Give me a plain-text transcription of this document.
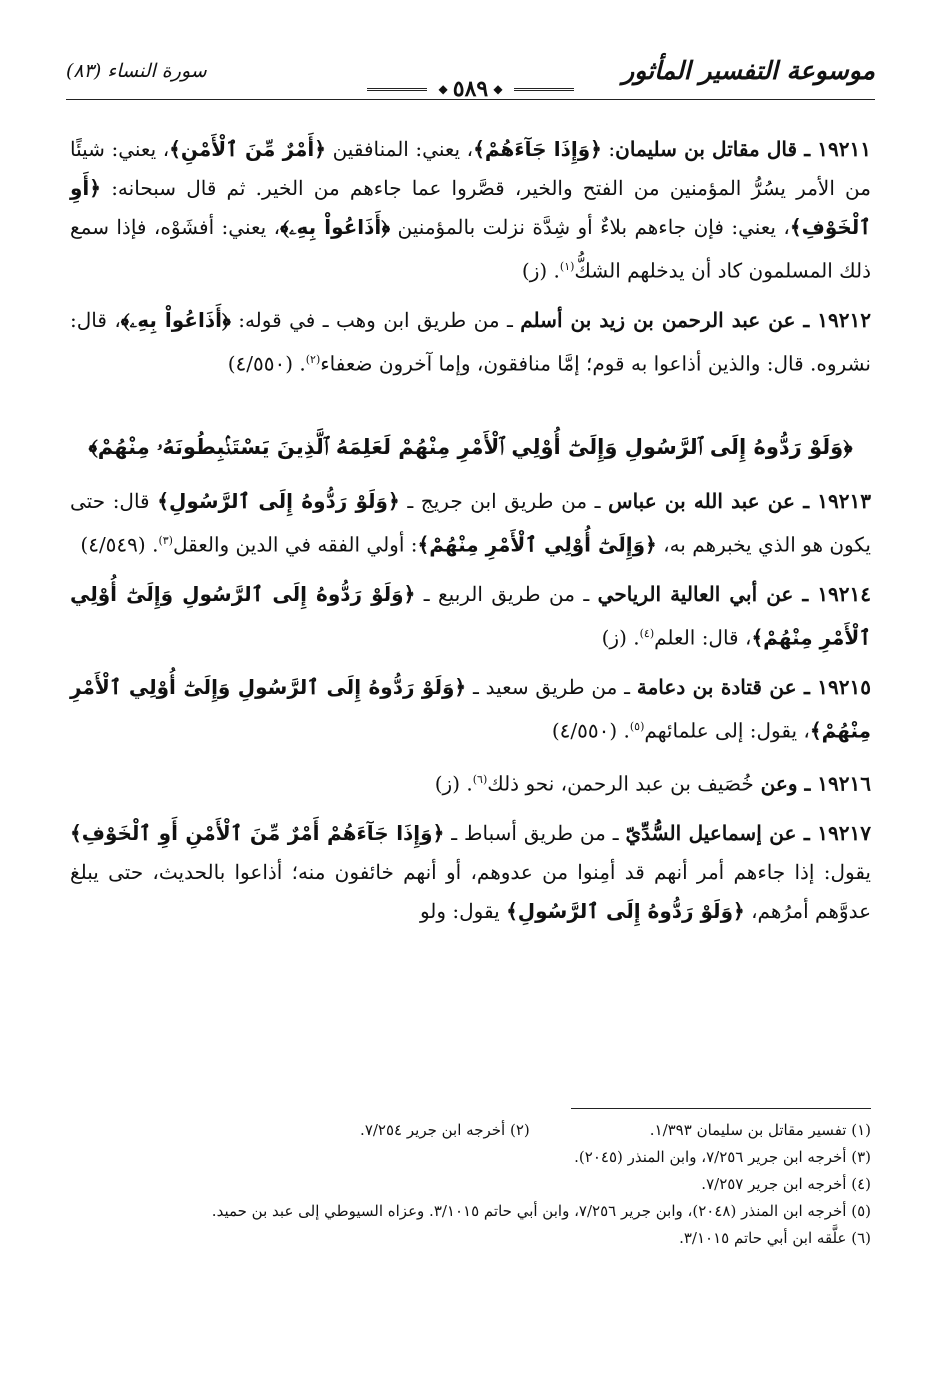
موسوعة التفسير المأثور
◆ ٥٨٩ ◆
سورة النساء (٨٣)

١٩٢١١ ـ قال مقاتل بن سليمان: ﴿وَإِذَا جَآءَهُمْ﴾، يعني: المنافقين ﴿أَمْرٌ مِّنَ ٱلْأَمْنِ﴾، يعني: شيئًا من الأمر يسُرُّ المؤمنين من الفتح والخير، قصَّروا عما جاءهم من الخير. ثم قال سبحانه: ﴿أَوِ ٱلْخَوْفِ﴾، يعني: فإن جاءهم بلاءٌ أو شِدَّة نزلت بالمؤمنين ﴿أَذَاعُواْ بِهِۦ﴾، يعني: أفشَوْه، فإذا سمع ذلك المسلمون كاد أن يدخلهم الشكُّ$^{(١)}$. (ز)

١٩٢١٢ ـ عن عبد الرحمن بن زيد بن أسلم ـ من طريق ابن وهب ـ في قوله: ﴿أَذَاعُواْ بِهِۦ﴾، قال: نشروه. قال: والذين أذاعوا به قوم؛ إمَّا منافقون، وإما آخرون ضعفاء$^{(٢)}$. (٤/٥٥٠)

﴿وَلَوْ رَدُّوهُ إِلَى ٱلرَّسُولِ وَإِلَىٰٓ أُوْلِي ٱلْأَمْرِ مِنْهُمْ لَعَلِمَهُ ٱلَّذِينَ يَسْتَنۢبِطُونَهُۥ مِنْهُمْ﴾

١٩٢١٣ ـ عن عبد الله بن عباس ـ من طريق ابن جريج ـ ﴿وَلَوْ رَدُّوهُ إِلَى ٱلرَّسُولِ﴾ قال: حتى يكون هو الذي يخبرهم به، ﴿وَإِلَىٰٓ أُوْلِي ٱلْأَمْرِ مِنْهُمْ﴾: أولي الفقه في الدين والعقل$^{(٣)}$. (٤/٥٤٩)

١٩٢١٤ ـ عن أبي العالية الرياحي ـ من طريق الربيع ـ ﴿وَلَوْ رَدُّوهُ إِلَى ٱلرَّسُولِ وَإِلَىٰٓ أُوْلِي ٱلْأَمْرِ مِنْهُمْ﴾، قال: العلم$^{(٤)}$. (ز)

١٩٢١٥ ـ عن قتادة بن دعامة ـ من طريق سعيد ـ ﴿وَلَوْ رَدُّوهُ إِلَى ٱلرَّسُولِ وَإِلَىٰٓ أُوْلِي ٱلْأَمْرِ مِنْهُمْ﴾، يقول: إلى علمائهم$^{(٥)}$. (٤/٥٥٠)

١٩٢١٦ ـ وعن خُصَيف بن عبد الرحمن، نحو ذلك$^{(٦)}$. (ز)

١٩٢١٧ ـ عن إسماعيل السُّدِّيّ ـ من طريق أسباط ـ ﴿وَإِذَا جَآءَهُمْ أَمْرٌ مِّنَ ٱلْأَمْنِ أَوِ ٱلْخَوْفِ﴾ يقول: إذا جاءهم أمر أنهم قد أمِنوا من عدوهم، أو أنهم خائفون منه؛ أذاعوا بالحديث، حتى يبلغ عدوَّهم أمرُهم، ﴿وَلَوْ رَدُّوهُ إِلَى ٱلرَّسُولِ﴾ يقول: ولو

(١) تفسير مقاتل بن سليمان ١/٣٩٣.
(٢) أخرجه ابن جرير ٧/٢٥٤.
(٣) أخرجه ابن جرير ٧/٢٥٦، وابن المنذر (٢٠٤٥).
(٤) أخرجه ابن جرير ٧/٢٥٧.
(٥) أخرجه ابن المنذر (٢٠٤٨)، وابن جرير ٧/٢٥٦، وابن أبي حاتم ٣/١٠١٥. وعزاه السيوطي إلى عبد بن حميد.
(٦) علَّقه ابن أبي حاتم ٣/١٠١٥.
